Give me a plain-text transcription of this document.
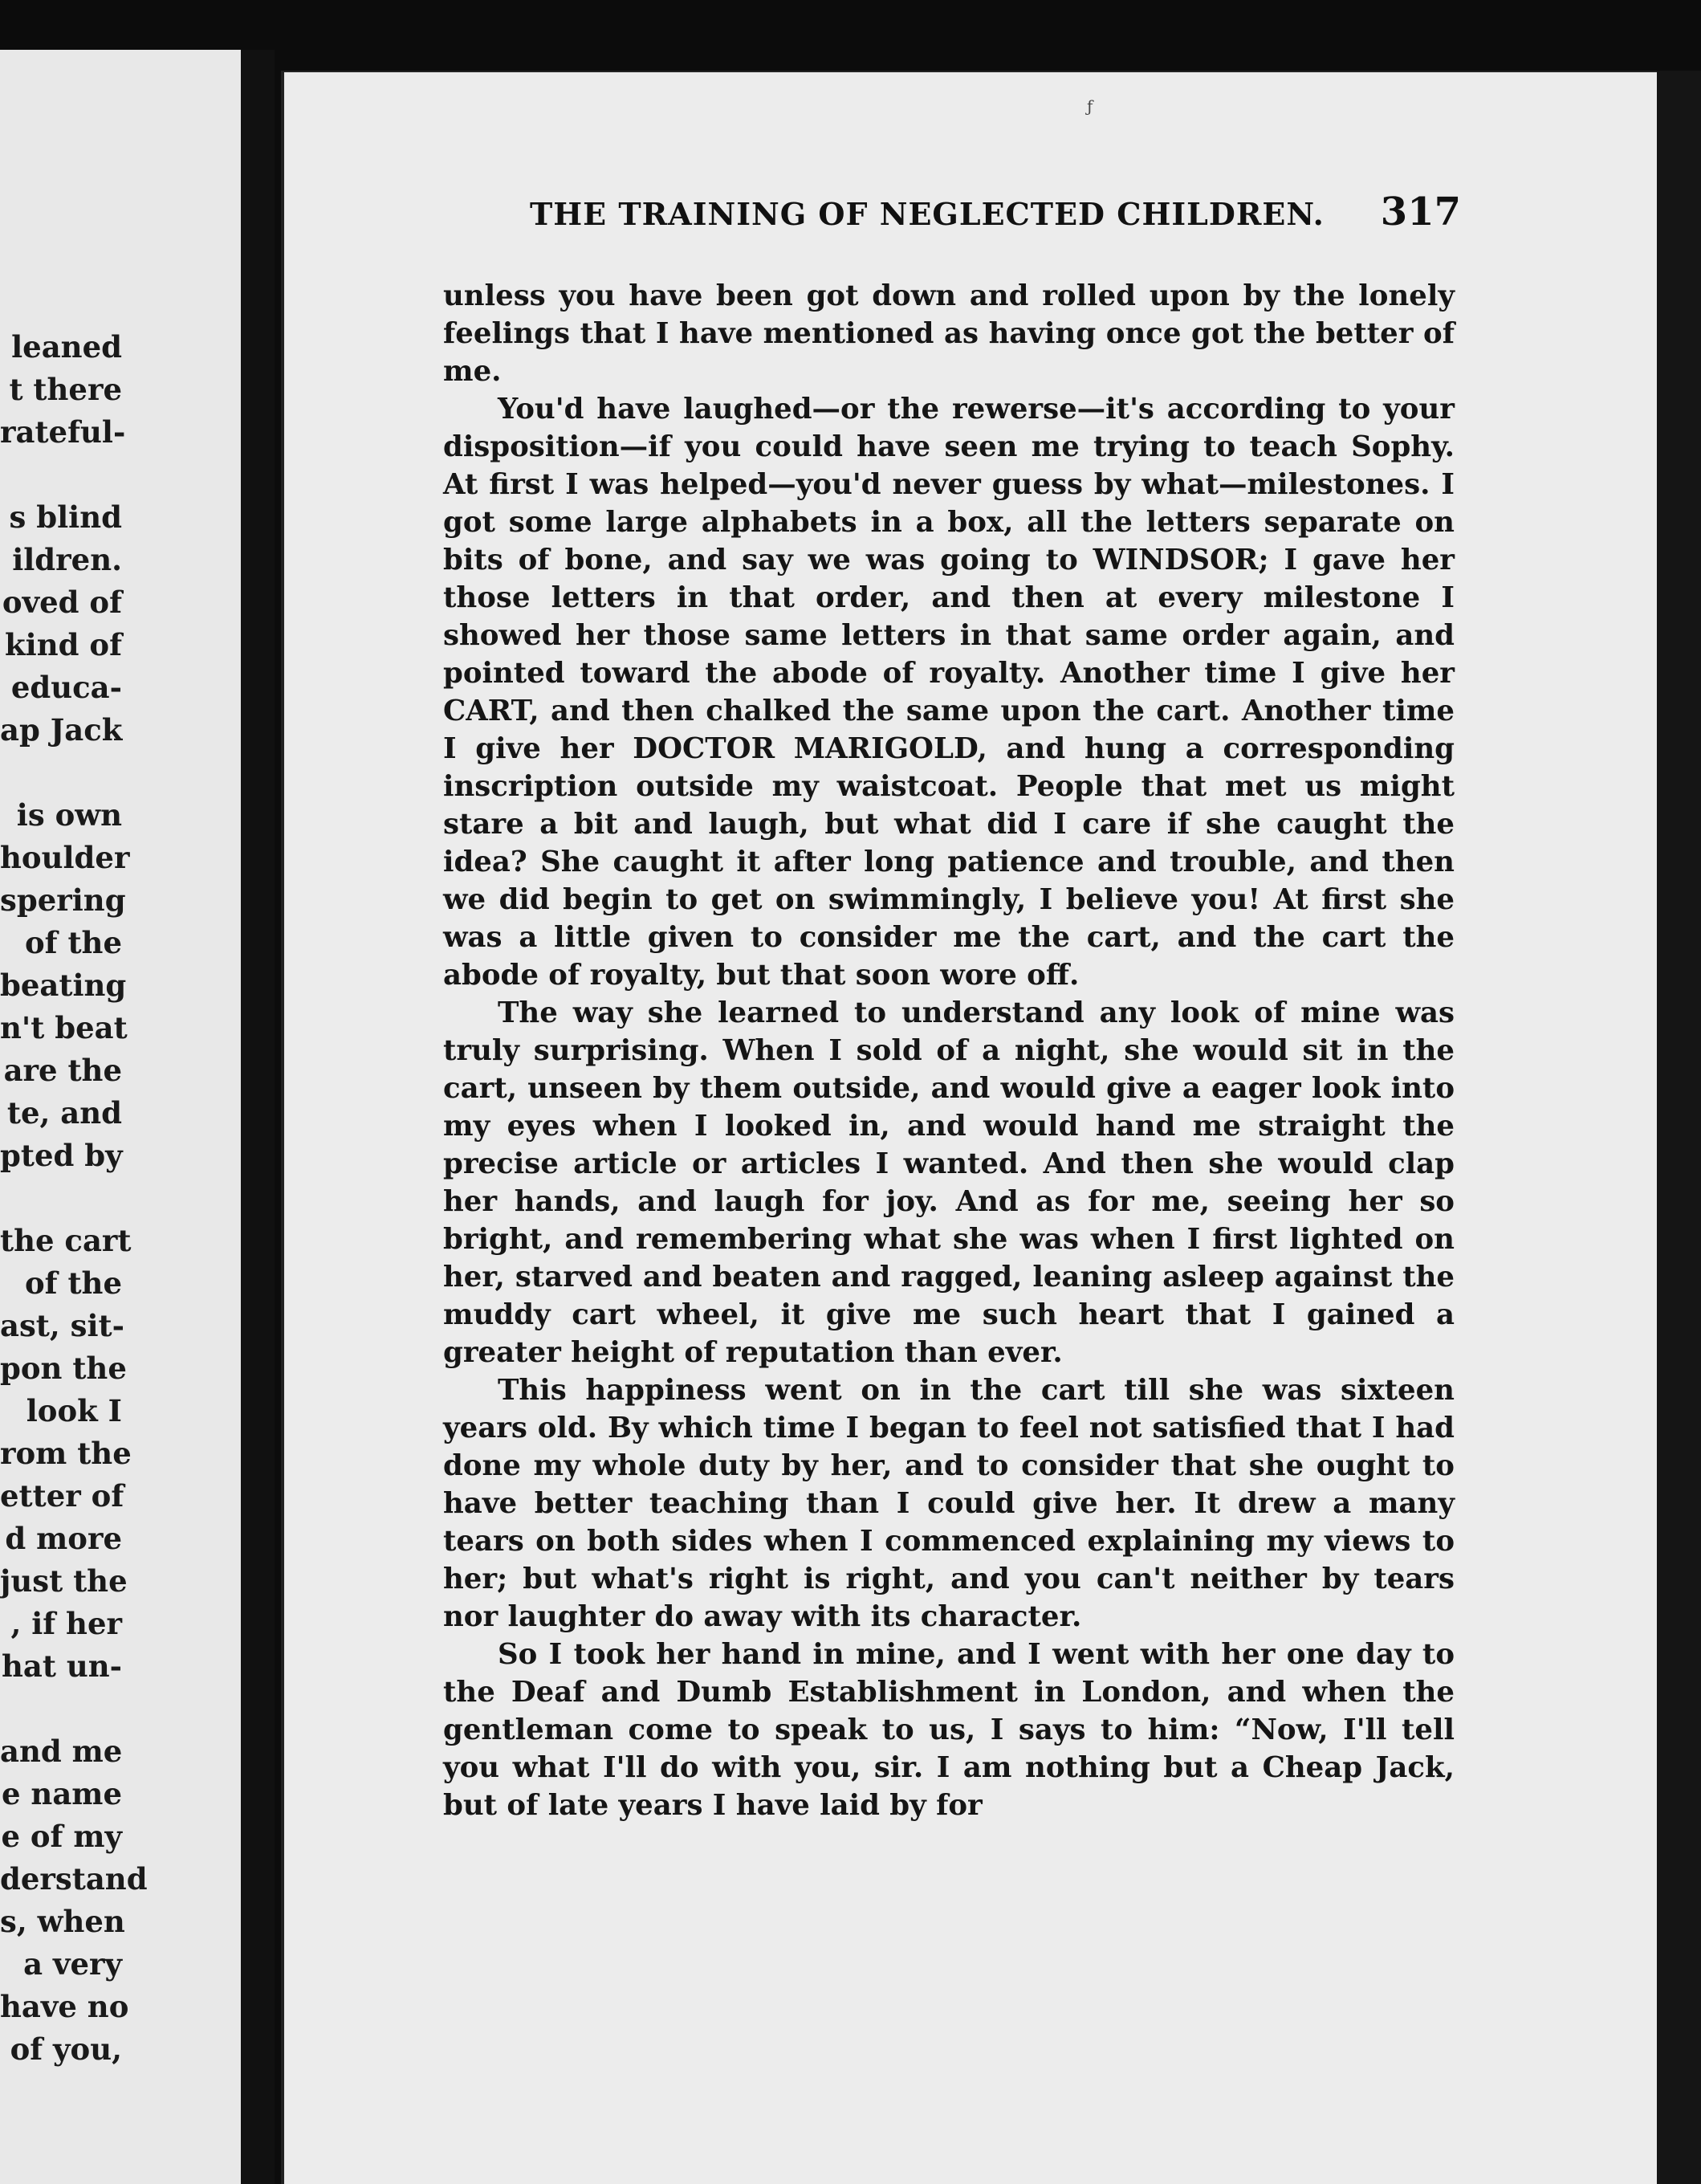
leaned
t there
rateful-
s blind
ildren.
oved of
kind of
educa-
ap Jack
is own
houlder
spering
of the
beating
n't beat
are the
te, and
pted by
the cart
of the
ast, sit-
pon the
look I
rom the
etter of
d more
just the
, if her
hat un-
and me
e name
e of my
derstand
s, when
a very
have no
of you,
ƒ
THE TRAINING OF NEGLECTED CHILDREN. 317

unless you have been got down and rolled upon by the lonely feelings that I have mentioned as having once got the better of me.

You'd have laughed—or the rewerse—it's according to your disposition—if you could have seen me trying to teach Sophy. At first I was helped—you'd never guess by what—milestones. I got some large alphabets in a box, all the letters separate on bits of bone, and say we was going to WINDSOR; I gave her those letters in that order, and then at every milestone I showed her those same letters in that same order again, and pointed toward the abode of royalty. Another time I give her CART, and then chalked the same upon the cart. Another time I give her DOCTOR MARIGOLD, and hung a corresponding inscription outside my waistcoat. People that met us might stare a bit and laugh, but what did I care if she caught the idea? She caught it after long patience and trouble, and then we did begin to get on swimmingly, I believe you! At first she was a little given to consider me the cart, and the cart the abode of royalty, but that soon wore off.

The way she learned to understand any look of mine was truly surprising. When I sold of a night, she would sit in the cart, unseen by them outside, and would give a eager look into my eyes when I looked in, and would hand me straight the precise article or articles I wanted. And then she would clap her hands, and laugh for joy. And as for me, seeing her so bright, and remembering what she was when I first lighted on her, starved and beaten and ragged, leaning asleep against the muddy cart wheel, it give me such heart that I gained a greater height of reputation than ever.

This happiness went on in the cart till she was sixteen years old. By which time I began to feel not satisfied that I had done my whole duty by her, and to consider that she ought to have better teaching than I could give her. It drew a many tears on both sides when I commenced explaining my views to her; but what's right is right, and you can't neither by tears nor laughter do away with its character.

So I took her hand in mine, and I went with her one day to the Deaf and Dumb Establishment in London, and when the gentleman come to speak to us, I says to him: “Now, I'll tell you what I'll do with you, sir. I am nothing but a Cheap Jack, but of late years I have laid by for
